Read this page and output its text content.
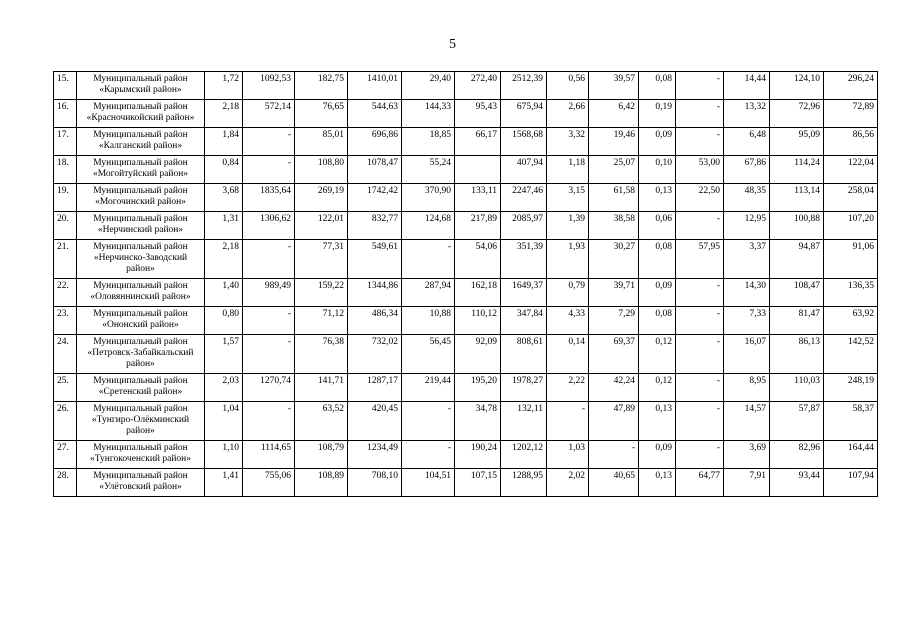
5
15.	Муниципальный район «Карымский район»	1,72	1092,53	182,75	1410,01	29,40	272,40	2512,39	0,56	39,57	0,08	-	14,44	124,10	296,24
16.	Муниципальный район «Красночикойский район»	2,18	572,14	76,65	544,63	144,33	95,43	675,94	2,66	6,42	0,19	-	13,32	72,96	72,89
17.	Муниципальный район «Калганский район»	1,84	-	85,01	696,86	18,85	66,17	1568,68	3,32	19,46	0,09	-	6,48	95,09	86,56
18.	Муниципальный район «Могойтуйский район»	0,84	-	108,80	1078,47	55,24		407,94	1,18	25,07	0,10	53,00	67,86	114,24	122,04
19.	Муниципальный район «Могочинский район»	3,68	1835,64	269,19	1742,42	370,90	133,11	2247,46	3,15	61,58	0,13	22,50	48,35	113,14	258,04
20.	Муниципальный район «Нерчинский район»	1,31	1306,62	122,01	832,77	124,68	217,89	2085,97	1,39	38,58	0,06	-	12,95	100,88	107,20
21.	Муниципальный район «Нерчинско-Заводский район»	2,18	-	77,31	549,61	-	54,06	351,39	1,93	30,27	0,08	57,95	3,37	94,87	91,06
22.	Муниципальный район «Оловяннинский район»	1,40	989,49	159,22	1344,86	287,94	162,18	1649,37	0,79	39,71	0,09	-	14,30	108,47	136,35
23.	Муниципальный район «Ононский район»	0,80	-	71,12	486,34	10,88	110,12	347,84	4,33	7,29	0,08	-	7,33	81,47	63,92
24.	Муниципальный район «Петровск-Забайкальский район»	1,57	-	76,38	732,02	56,45	92,09	808,61	0,14	69,37	0,12	-	16,07	86,13	142,52
25.	Муниципальный район «Сретенский район»	2,03	1270,74	141,71	1287,17	219,44	195,20	1978,27	2,22	42,24	0,12	-	8,95	110,03	248,19
26.	Муниципальный район «Тунгиро-Олёкминский район»	1,04	-	63,52	420,45	-	34,78	132,11	-	47,89	0,13	-	14,57	57,87	58,37
27.	Муниципальный район «Тунгокоченский район»	1,10	1114,65	108,79	1234,49	-	190,24	1202,12	1,03	-	0,09	-	3,69	82,96	164,44
28.	Муниципальный район «Улётовский район»	1,41	755,06	108,89	708,10	104,51	107,15	1288,95	2,02	40,65	0,13	64,77	7,91	93,44	107,94
